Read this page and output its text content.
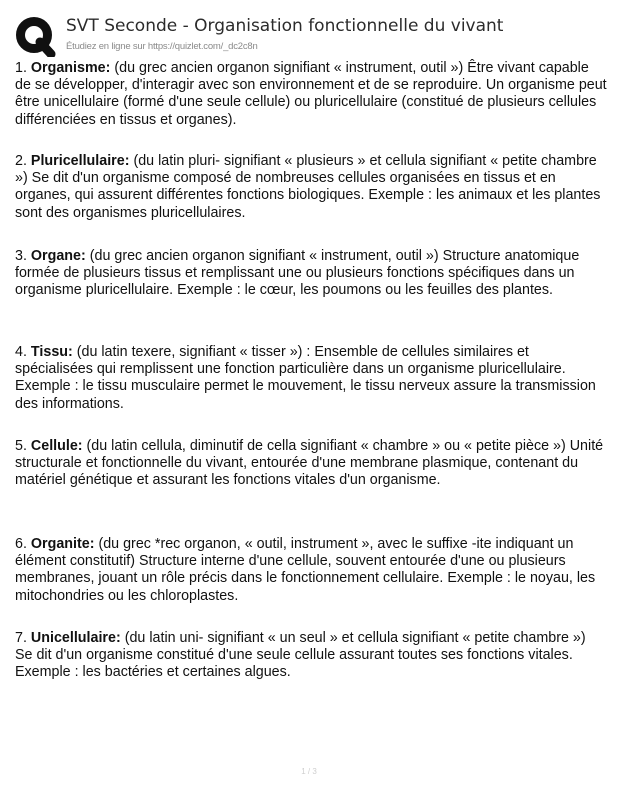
SVT Seconde - Organisation fonctionnelle du vivant
Étudiez en ligne sur https://quizlet.com/_dc2c8n
1. Organisme: (du grec ancien organon signifiant « instrument, outil ») Être vivant capable de se développer, d'interagir avec son environnement et de se reproduire. Un organisme peut être unicellulaire (formé d'une seule cellule) ou pluricellulaire (constitué de plusieurs cellules différenciées en tissus et organes).
2. Pluricellulaire: (du latin pluri- signifiant « plusieurs » et cellula signifiant « petite chambre ») Se dit d'un organisme composé de nombreuses cellules organisées en tissus et en organes, qui assurent différentes fonctions biologiques. Exemple : les animaux et les plantes sont des organismes pluricellulaires.
3. Organe: (du grec ancien organon signifiant « instrument, outil ») Structure anatomique formée de plusieurs tissus et remplissant une ou plusieurs fonctions spécifiques dans un organisme pluricellulaire. Exemple : le cœur, les poumons ou les feuilles des plantes.
4. Tissu: (du latin texere, signifiant « tisser ») : Ensemble de cellules similaires et spécialisées qui remplissent une fonction particulière dans un organisme pluricellulaire. Exemple : le tissu musculaire permet le mouvement, le tissu nerveux assure la transmission des informations.
5. Cellule: (du latin cellula, diminutif de cella signifiant « chambre » ou « petite pièce ») Unité structurale et fonctionnelle du vivant, entourée d'une membrane plasmique, contenant du matériel génétique et assurant les fonctions vitales d'un organisme.
6. Organite: (du grec *rec organon, « outil, instrument », avec le suffixe -ite indiquant un élément constitutif) Structure interne d'une cellule, souvent entourée d'une ou plusieurs membranes, jouant un rôle précis dans le fonctionnement cellulaire. Exemple : le noyau, les mitochondries ou les chloroplastes.
7. Unicellulaire: (du latin uni- signifiant « un seul » et cellula signifiant « petite chambre ») Se dit d'un organisme constitué d'une seule cellule assurant toutes ses fonctions vitales. Exemple : les bactéries et certaines algues.
1 / 3
